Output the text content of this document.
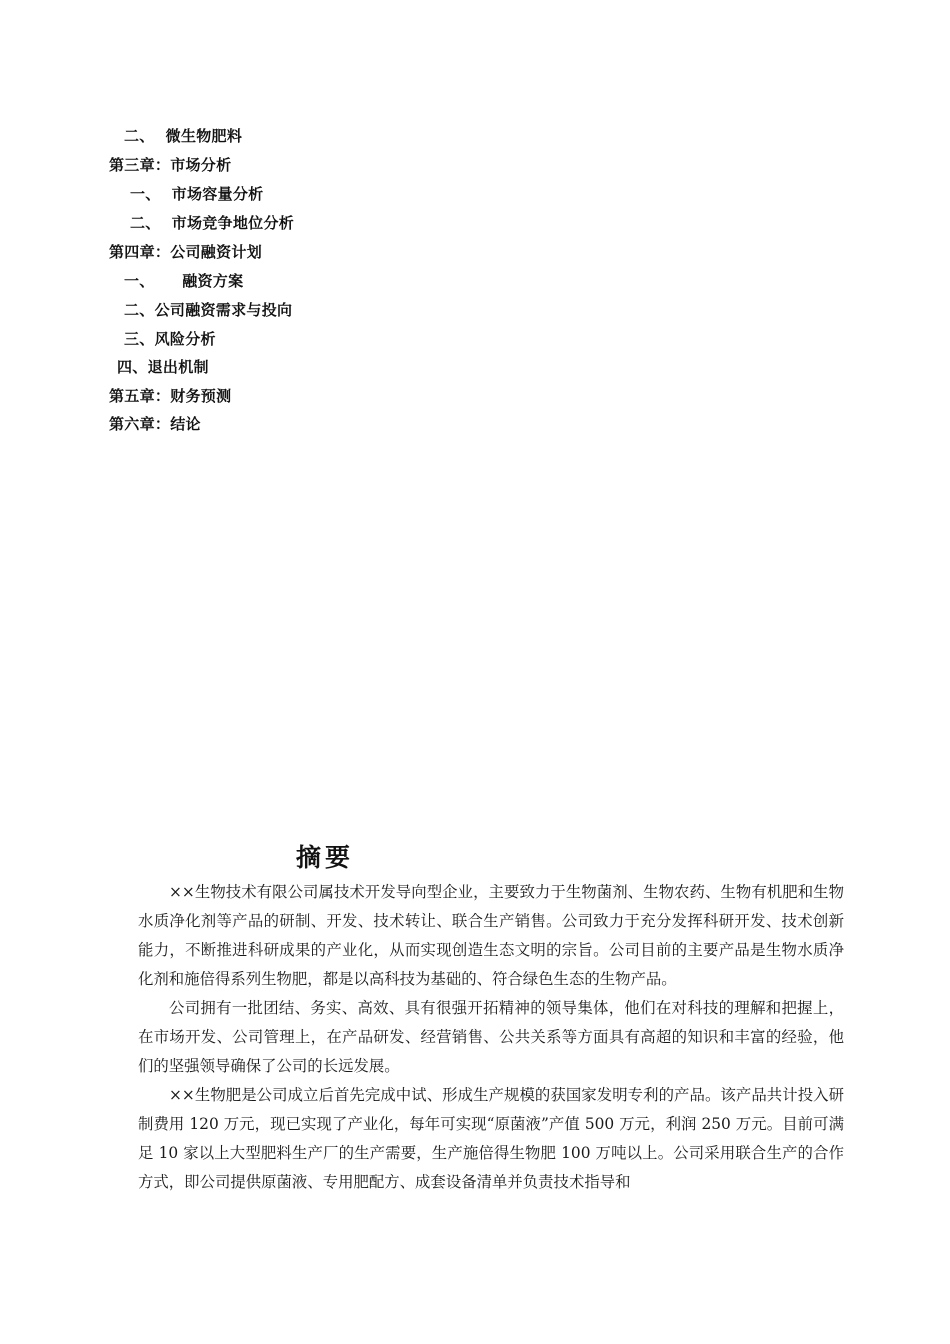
二、  微生物肥料
第三章：市场分析
一、  市场容量分析
二、  市场竞争地位分析
第四章：公司融资计划
一、     融资方案
二、公司融资需求与投向
三、风险分析
四、退出机制
第五章：财务预测
第六章：结论
摘要

××生物技术有限公司属技术开发导向型企业，主要致力于生物菌剂、生物农药、生物有机肥和生物水质净化剂等产品的研制、开发、技术转让、联合生产销售。公司致力于充分发挥科研开发、技术创新能力，不断推进科研成果的产业化，从而实现创造生态文明的宗旨。公司目前的主要产品是生物水质净化剂和施倍得系列生物肥，都是以高科技为基础的、符合绿色生态的生物产品。

公司拥有一批团结、务实、高效、具有很强开拓精神的领导集体，他们在对科技的理解和把握上，在市场开发、公司管理上，在产品研发、经营销售、公共关系等方面具有高超的知识和丰富的经验，他们的坚强领导确保了公司的长远发展。

××生物肥是公司成立后首先完成中试、形成生产规模的获国家发明专利的产品。该产品共计投入研制费用 120 万元，现已实现了产业化，每年可实现“原菌液”产值 500 万元，利润 250 万元。目前可满足 10 家以上大型肥料生产厂的生产需要，生产施倍得生物肥 100 万吨以上。公司采用联合生产的合作方式，即公司提供原菌液、专用肥配方、成套设备清单并负责技术指导和
